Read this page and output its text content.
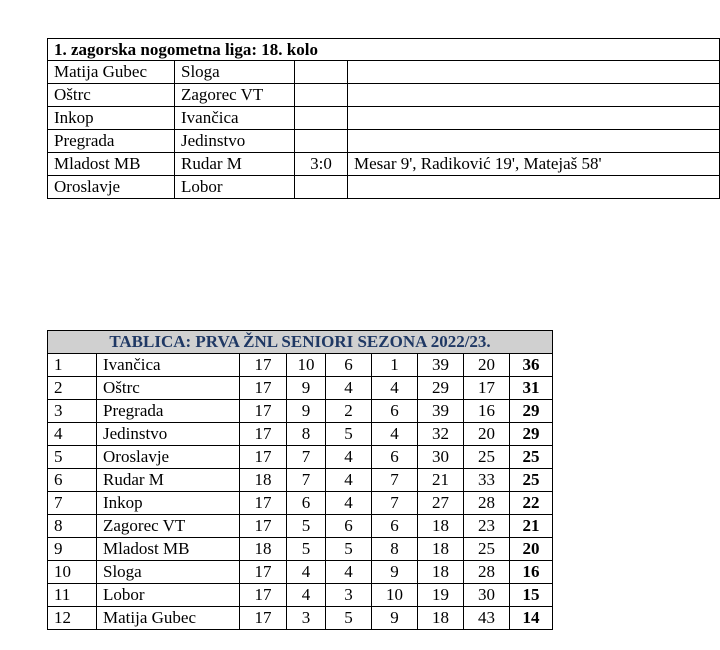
1. zagorska nogometna liga: 18. kolo			
Matija Gubec	Sloga		
Oštrc	Zagorec VT		
Inkop	Ivančica		
Pregrada	Jedinstvo		
Mladost MB	Rudar M	3:0	Mesar 9', Radiković 19', Matejaš 58'
Oroslavje	Lobor		
TABLICA: PRVA ŽNL SENIORI SEZONA 2022/23.								
1	Ivančica	17	10	6	1	39	20	36
2	Oštrc	17	9	4	4	29	17	31
3	Pregrada	17	9	2	6	39	16	29
4	Jedinstvo	17	8	5	4	32	20	29
5	Oroslavje	17	7	4	6	30	25	25
6	Rudar M	18	7	4	7	21	33	25
7	Inkop	17	6	4	7	27	28	22
8	Zagorec VT	17	5	6	6	18	23	21
9	Mladost MB	18	5	5	8	18	25	20
10	Sloga	17	4	4	9	18	28	16
11	Lobor	17	4	3	10	19	30	15
12	Matija Gubec	17	3	5	9	18	43	14
